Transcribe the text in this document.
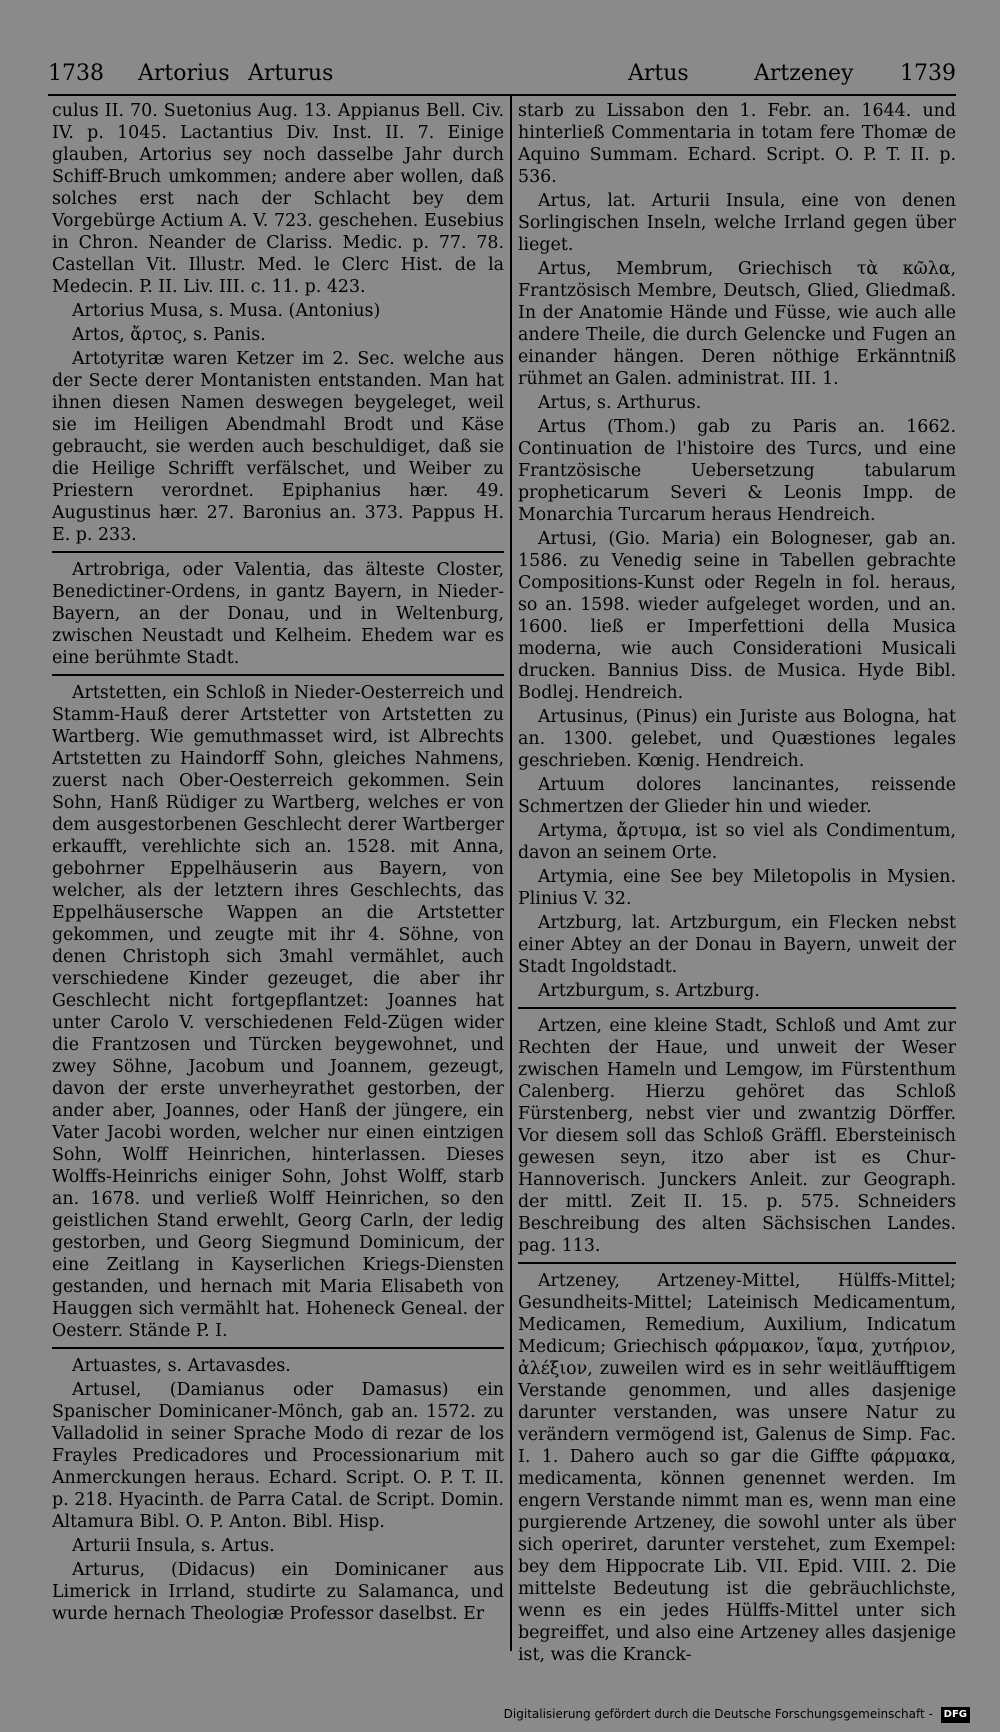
1738 Artorius Arturus	Artus	Artzeney 1739

culus II. 70. Suetonius Aug. 13. Appianus Bell. Civ. IV. p. 1045. Lactantius Div. Inst. II. 7. Einige glauben, Artorius sey noch dasselbe Jahr durch Schiff-Bruch umkommen; andere aber wollen, daß solches erst nach der Schlacht bey dem Vorgebürge Actium A. V. 723. geschehen. Eusebius in Chron. Neander de Clariss. Medic. p. 77. 78. Castellan Vit. Illustr. Med. le Clerc Hist. de la Medecin. P. II. Liv. III. c. 11. p. 423.

Artorius Musa, s. Musa. (Antonius)

Artos, ἄρτος, s. Panis.

Artotyritæ waren Ketzer im 2. Sec. welche aus der Secte derer Montanisten entstanden. Man hat ihnen diesen Namen deswegen beygeleget, weil sie im Heiligen Abendmahl Brodt und Käse gebraucht, sie werden auch beschuldiget, daß sie die Heilige Schrifft verfälschet, und Weiber zu Priestern verordnet. Epiphanius hær. 49. Augustinus hær. 27. Baronius an. 373. Pappus H. E. p. 233.

Artrobriga, oder Valentia, das älteste Closter, Benedictiner-Ordens, in gantz Bayern, in Nieder-Bayern, an der Donau, und in Weltenburg, zwischen Neustadt und Kelheim. Ehedem war es eine berühmte Stadt.

Artstetten, ein Schloß in Nieder-Oesterreich und Stamm-Hauß derer Artstetter von Artstetten zu Wartberg. Wie gemuthmasset wird, ist Albrechts Artstetten zu Haindorff Sohn, gleiches Nahmens, zuerst nach Ober-Oesterreich gekommen. Sein Sohn, Hanß Rüdiger zu Wartberg, welches er von dem ausgestorbenen Geschlecht derer Wartberger erkaufft, verehlichte sich an. 1528. mit Anna, gebohrner Eppelhäuserin aus Bayern, von welcher, als der letztern ihres Geschlechts, das Eppelhäusersche Wappen an die Artstetter gekommen, und zeugte mit ihr 4. Söhne, von denen Christoph sich 3mahl vermählet, auch verschiedene Kinder gezeuget, die aber ihr Geschlecht nicht fortgepflantzet: Joannes hat unter Carolo V. verschiedenen Feld-Zügen wider die Frantzosen und Türcken beygewohnet, und zwey Söhne, Jacobum und Joannem, gezeugt, davon der erste unverheyrathet gestorben, der ander aber, Joannes, oder Hanß der jüngere, ein Vater Jacobi worden, welcher nur einen eintzigen Sohn, Wolff Heinrichen, hinterlassen. Dieses Wolffs-Heinrichs einiger Sohn, Johst Wolff, starb an. 1678. und verließ Wolff Heinrichen, so den geistlichen Stand erwehlt, Georg Carln, der ledig gestorben, und Georg Siegmund Dominicum, der eine Zeitlang in Kayserlichen Kriegs-Diensten gestanden, und hernach mit Maria Elisabeth von Hauggen sich vermählt hat. Hoheneck Geneal. der Oesterr. Stände P. I.

Artuastes, s. Artavasdes.

Artusel, (Damianus oder Damasus) ein Spanischer Dominicaner-Mönch, gab an. 1572. zu Valladolid in seiner Sprache Modo di rezar de los Frayles Predicadores und Processionarium mit Anmerckungen heraus. Echard. Script. O. P. T. II. p. 218. Hyacinth. de Parra Catal. de Script. Domin. Altamura Bibl. O. P. Anton. Bibl. Hisp.

Arturii Insula, s. Artus.

Arturus, (Didacus) ein Dominicaner aus Limerick in Irrland, studirte zu Salamanca, und wurde hernach Theologiæ Professor daselbst. Er

starb zu Lissabon den 1. Febr. an. 1644. und hinterließ Commentaria in totam fere Thomæ de Aquino Summam. Echard. Script. O. P. T. II. p. 536.

Artus, lat. Arturii Insula, eine von denen Sorlingischen Inseln, welche Irrland gegen über lieget.

Artus, Membrum, Griechisch τὰ κῶλα, Frantzösisch Membre, Deutsch, Glied, Gliedmaß. In der Anatomie Hände und Füsse, wie auch alle andere Theile, die durch Gelencke und Fugen an einander hängen. Deren nöthige Erkänntniß rühmet an Galen. administrat. III. 1.

Artus, s. Arthurus.

Artus (Thom.) gab zu Paris an. 1662. Continuation de l'histoire des Turcs, und eine Frantzösische Uebersetzung tabularum propheticarum Severi & Leonis Impp. de Monarchia Turcarum heraus Hendreich.

Artusi, (Gio. Maria) ein Bologneser, gab an. 1586. zu Venedig seine in Tabellen gebrachte Compositions-Kunst oder Regeln in fol. heraus, so an. 1598. wieder aufgeleget worden, und an. 1600. ließ er Imperfettioni della Musica moderna, wie auch Considerationi Musicali drucken. Bannius Diss. de Musica. Hyde Bibl. Bodlej. Hendreich.

Artusinus, (Pinus) ein Juriste aus Bologna, hat an. 1300. gelebet, und Quæstiones legales geschrieben. Kœnig. Hendreich.

Artuum dolores lancinantes, reissende Schmertzen der Glieder hin und wieder.

Artyma, ἄρτυμα, ist so viel als Condimentum, davon an seinem Orte.

Artymia, eine See bey Miletopolis in Mysien. Plinius V. 32.

Artzburg, lat. Artzburgum, ein Flecken nebst einer Abtey an der Donau in Bayern, unweit der Stadt Ingoldstadt.

Artzburgum, s. Artzburg.

Artzen, eine kleine Stadt, Schloß und Amt zur Rechten der Haue, und unweit der Weser zwischen Hameln und Lemgow, im Fürstenthum Calenberg. Hierzu gehöret das Schloß Fürstenberg, nebst vier und zwantzig Dörffer. Vor diesem soll das Schloß Gräffl. Ebersteinisch gewesen seyn, itzo aber ist es Chur-Hannoverisch. Junckers Anleit. zur Geograph. der mittl. Zeit II. 15. p. 575. Schneiders Beschreibung des alten Sächsischen Landes. pag. 113.

Artzeney, Artzeney-Mittel, Hülffs-Mittel; Gesundheits-Mittel; Lateinisch Medicamentum, Medicamen, Remedium, Auxilium, Indicatum Medicum; Griechisch φάρμακον, ἴαμα, χυτήριον, ἀλέξιον, zuweilen wird es in sehr weitläufftigem Verstande genommen, und alles dasjenige darunter verstanden, was unsere Natur zu verändern vermögend ist, Galenus de Simp. Fac. I. 1. Dahero auch so gar die Giffte φάρμακα, medicamenta, können genennet werden. Im engern Verstande nimmt man es, wenn man eine purgierende Artzeney, die sowohl unter als über sich operiret, darunter verstehet, zum Exempel: bey dem Hippocrate Lib. VII. Epid. VIII. 2. Die mittelste Bedeutung ist die gebräuchlichste, wenn es ein jedes Hülffs-Mittel unter sich begreiffet, und also eine Artzeney alles dasjenige ist, was die Kranck-

Digitalisierung gefördert durch die Deutsche Forschungsgemeinschaft - DFG
